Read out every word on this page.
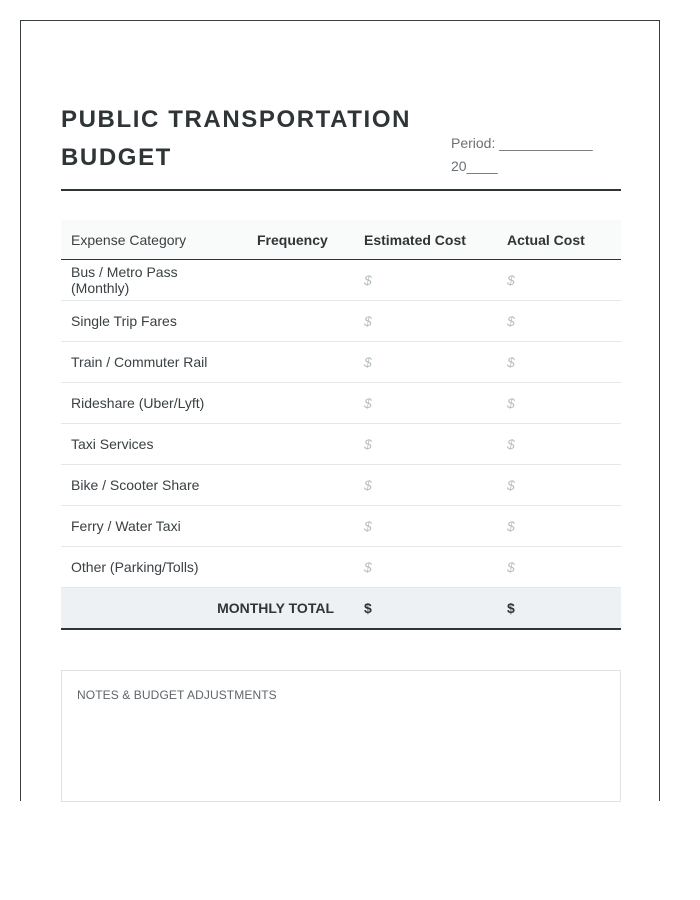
PUBLIC TRANSPORTATION BUDGET
Period: ____________
20____
Expense Category	Frequency	Estimated Cost	Actual Cost
Bus / Metro Pass (Monthly)		$	$
Single Trip Fares		$	$
Train / Commuter Rail		$	$
Rideshare (Uber/Lyft)		$	$
Taxi Services		$	$
Bike / Scooter Share		$	$
Ferry / Water Taxi		$	$
Other (Parking/Tolls)		$	$
MONTHLY TOTAL		$	$
NOTES & BUDGET ADJUSTMENTS
